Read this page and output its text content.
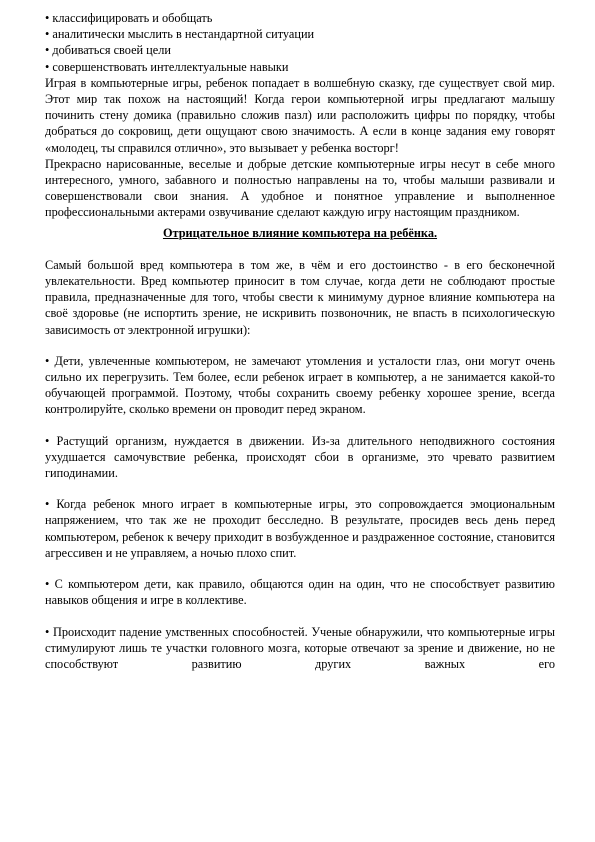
• классифицировать и обобщать
• аналитически мыслить в нестандартной ситуации
• добиваться своей цели
• совершенствовать интеллектуальные навыки

Играя в компьютерные игры, ребенок попадает в волшебную сказку, где существует свой мир. Этот мир так похож на настоящий! Когда герои компьютерной игры предлагают малышу починить стену домика (правильно сложив пазл) или расположить цифры по порядку, чтобы добраться до сокровищ, дети ощущают свою значимость. А если в конце задания ему говорят «молодец, ты справился отлично», это вызывает у ребенка восторг!

Прекрасно нарисованные, веселые и добрые детские компьютерные игры несут в себе много интересного, умного, забавного и полностью направлены на то, чтобы малыши развивали и совершенствовали свои знания. А удобное и понятное управление и выполненное профессиональными актерами озвучивание сделают каждую игру настоящим праздником.

Отрицательное влияние компьютера на ребёнка.

Самый большой вред компьютера в том же, в чём и его достоинство - в его бесконечной увлекательности. Вред компьютер приносит в том случае, когда дети не соблюдают простые правила, предназначенные для того, чтобы свести к минимуму дурное влияние компьютера на своё здоровье (не испортить зрение, не искривить позвоночник, не впасть в психологическую зависимость от электронной игрушки):

• Дети, увлеченные компьютером, не замечают утомления и усталости глаз, они могут очень сильно их перегрузить. Тем более, если ребенок играет в компьютер, а не занимается какой-то обучающей программой. Поэтому, чтобы сохранить своему ребенку хорошее зрение, всегда контролируйте, сколько времени он проводит перед экраном.

• Растущий организм, нуждается в движении. Из-за длительного неподвижного состояния ухудшается самочувствие ребенка, происходят сбои в организме, это чревато развитием гиподинамии.

• Когда ребенок много играет в компьютерные игры, это сопровождается эмоциональным напряжением, что так же не проходит бесследно. В результате, просидев весь день перед компьютером, ребенок к вечеру приходит в возбужденное и раздраженное состояние, становится агрессивен и не управляем, а ночью плохо спит.

• С компьютером дети, как правило, общаются один на один, что не способствует развитию навыков общения и игре в коллективе.

• Происходит падение умственных способностей. Ученые обнаружили, что компьютерные игры стимулируют лишь те участки головного мозга, которые отвечают за зрение и движение, но не способствуют развитию других важных его
